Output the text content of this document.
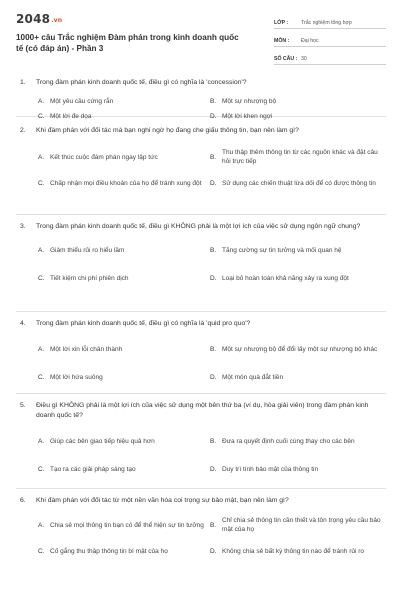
2048.vn
1000+ câu Trắc nghiệm Đàm phán trong kinh doanh quốc tế (có đáp án) - Phần 3
LỚP :	Trắc nghiệm tổng hợp
MÔN :	Đại học
SỐ CÂU : 30
1.	Trong đàm phán kinh doanh quốc tế, điều gì có nghĩa là 'concession'?
A. Một yêu cầu cứng rắn	B. Một sự nhượng bộ
C. Một lời đe dọa	D. Một lời khen ngợi
2.	Khi đàm phán với đối tác mà bạn nghi ngờ họ đang che giấu thông tin, bạn nên làm gì?
A. Kết thúc cuộc đàm phán ngay lập tức	B.
Thu thập thêm thông tin từ các nguồn khác và đặt câu hỏi trực tiếp
C. Chấp nhận mọi điều khoản của họ để tránh xung đột D. Sử dụng các chiến thuật lừa dối để có được thông tin
3.	Trong đàm phán kinh doanh quốc tế, điều gì KHÔNG phải là một lợi ích của việc sử dụng ngôn ngữ chung?
A. Giảm thiểu rủi ro hiểu lầm	B. Tăng cường sự tin tưởng và mối quan hệ
C. Tiết kiệm chi phí phiên dịch	D. Loại bỏ hoàn toàn khả năng xảy ra xung đột
4.	Trong đàm phán kinh doanh quốc tế, điều gì có nghĩa là 'quid pro quo'?
A. Một lời xin lỗi chân thành	B. Một sự nhượng bộ để đổi lấy một sự nhượng bộ khác
C. Một lời hứa suông	D. Một món quà đắt tiền
5.	Điều gì KHÔNG phải là một lợi ích của việc sử dụng một bên thứ ba (ví dụ, hòa giải viên) trong đàm phán kinh doanh quốc tế?
A. Giúp các bên giao tiếp hiệu quả hơn	B. Đưa ra quyết định cuối cùng thay cho các bên
C. Tạo ra các giải pháp sáng tạo	D. Duy trì tính bảo mật của thông tin
6.	Khi đàm phán với đối tác từ một nền văn hóa coi trọng sự bảo mật, bạn nên làm gì?
A. Chia sẻ mọi thông tin bạn có để thể hiện sự tin tưởng B.
Chỉ chia sẻ thông tin cần thiết và tôn trọng yêu cầu bảo mật của họ
C. Cố gắng thu thập thông tin bí mật của họ	D. Không chia sẻ bất kỳ thông tin nào để tránh rủi ro
